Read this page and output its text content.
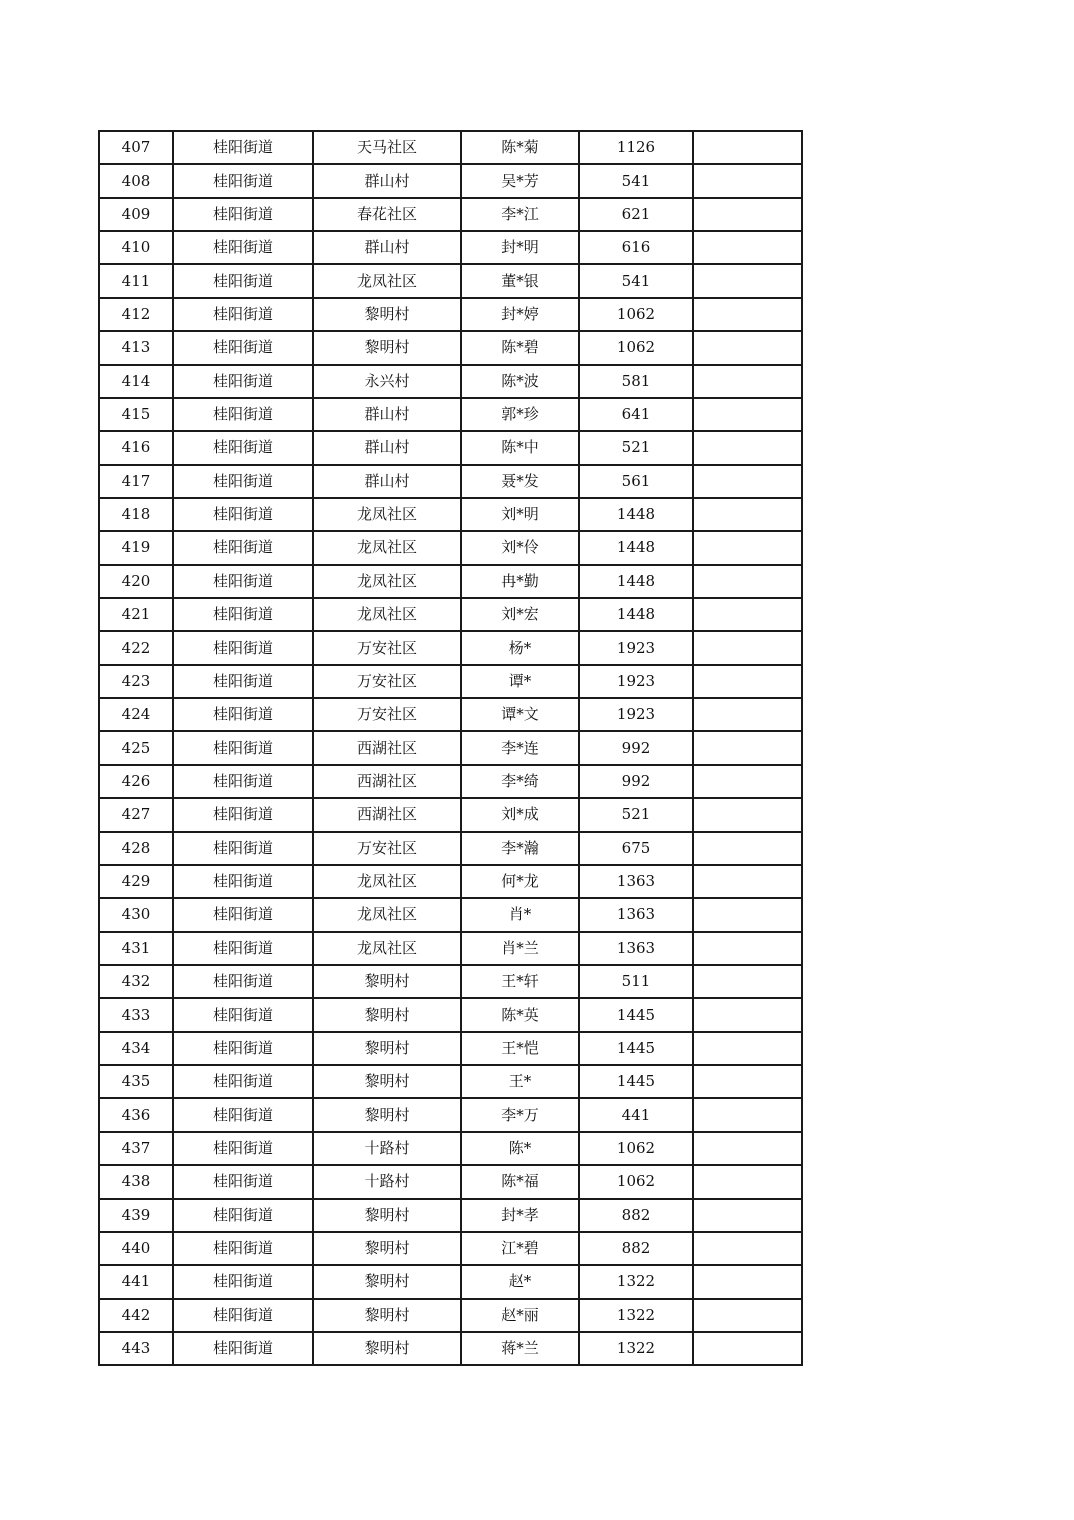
407	桂阳街道	天马社区	陈*菊	1126	
408	桂阳街道	群山村	吴*芳	541	
409	桂阳街道	春花社区	李*江	621	
410	桂阳街道	群山村	封*明	616	
411	桂阳街道	龙凤社区	董*银	541	
412	桂阳街道	黎明村	封*婷	1062	
413	桂阳街道	黎明村	陈*碧	1062	
414	桂阳街道	永兴村	陈*波	581	
415	桂阳街道	群山村	郭*珍	641	
416	桂阳街道	群山村	陈*中	521	
417	桂阳街道	群山村	聂*发	561	
418	桂阳街道	龙凤社区	刘*明	1448	
419	桂阳街道	龙凤社区	刘*伶	1448	
420	桂阳街道	龙凤社区	冉*勤	1448	
421	桂阳街道	龙凤社区	刘*宏	1448	
422	桂阳街道	万安社区	杨*	1923	
423	桂阳街道	万安社区	谭*	1923	
424	桂阳街道	万安社区	谭*文	1923	
425	桂阳街道	西湖社区	李*连	992	
426	桂阳街道	西湖社区	李*绮	992	
427	桂阳街道	西湖社区	刘*成	521	
428	桂阳街道	万安社区	李*瀚	675	
429	桂阳街道	龙凤社区	何*龙	1363	
430	桂阳街道	龙凤社区	肖*	1363	
431	桂阳街道	龙凤社区	肖*兰	1363	
432	桂阳街道	黎明村	王*轩	511	
433	桂阳街道	黎明村	陈*英	1445	
434	桂阳街道	黎明村	王*恺	1445	
435	桂阳街道	黎明村	王*	1445	
436	桂阳街道	黎明村	李*万	441	
437	桂阳街道	十路村	陈*	1062	
438	桂阳街道	十路村	陈*福	1062	
439	桂阳街道	黎明村	封*孝	882	
440	桂阳街道	黎明村	江*碧	882	
441	桂阳街道	黎明村	赵*	1322	
442	桂阳街道	黎明村	赵*丽	1322	
443	桂阳街道	黎明村	蒋*兰	1322	
